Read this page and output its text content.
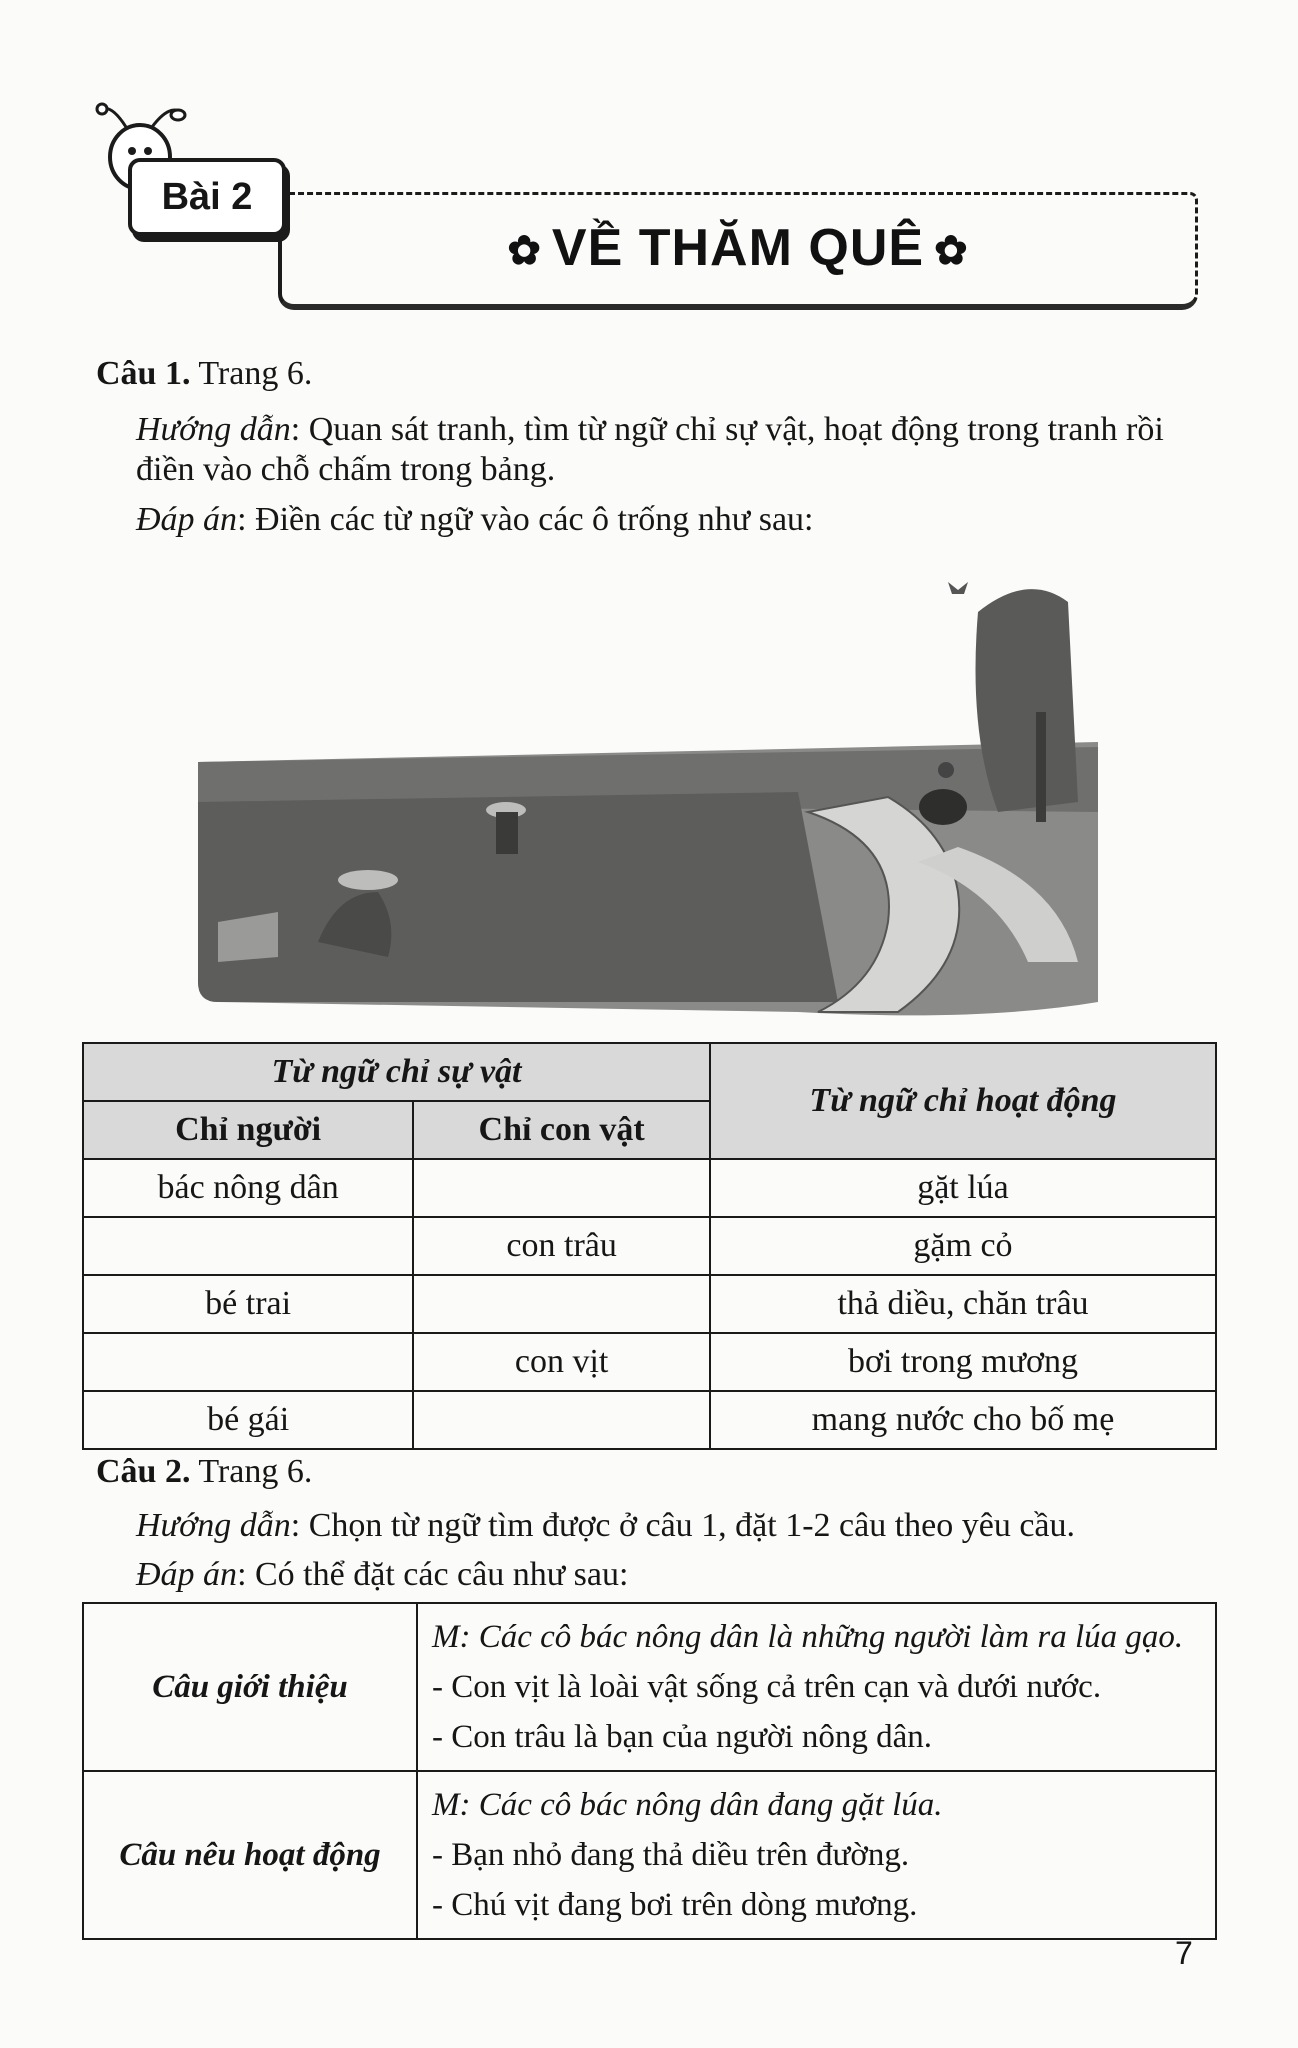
Bài 2
✿ VỀ THĂM QUÊ ✿
Câu 1. Trang 6.
Hướng dẫn: Quan sát tranh, tìm từ ngữ chỉ sự vật, hoạt động trong tranh rồi điền vào chỗ chấm trong bảng.
Đáp án: Điền các từ ngữ vào các ô trống như sau:
Từ ngữ chỉ sự vật		Từ ngữ chỉ hoạt động
Chỉ người	Chỉ con vật	
bác nông dân		gặt lúa
	con trâu	gặm cỏ
bé trai		thả diều, chăn trâu
	con vịt	bơi trong mương
bé gái		mang nước cho bố mẹ
Câu 2. Trang 6.
Hướng dẫn: Chọn từ ngữ tìm được ở câu 1, đặt 1-2 câu theo yêu cầu.
Đáp án: Có thể đặt các câu như sau:
Câu giới thiệu	M: Các cô bác nông dân là những người làm ra lúa gạo.
- Con vịt là loài vật sống cả trên cạn và dưới nước.
- Con trâu là bạn của người nông dân.

Câu nêu hoạt động	M: Các cô bác nông dân đang gặt lúa.
- Bạn nhỏ đang thả diều trên đường.
- Chú vịt đang bơi trên dòng mương.
7
